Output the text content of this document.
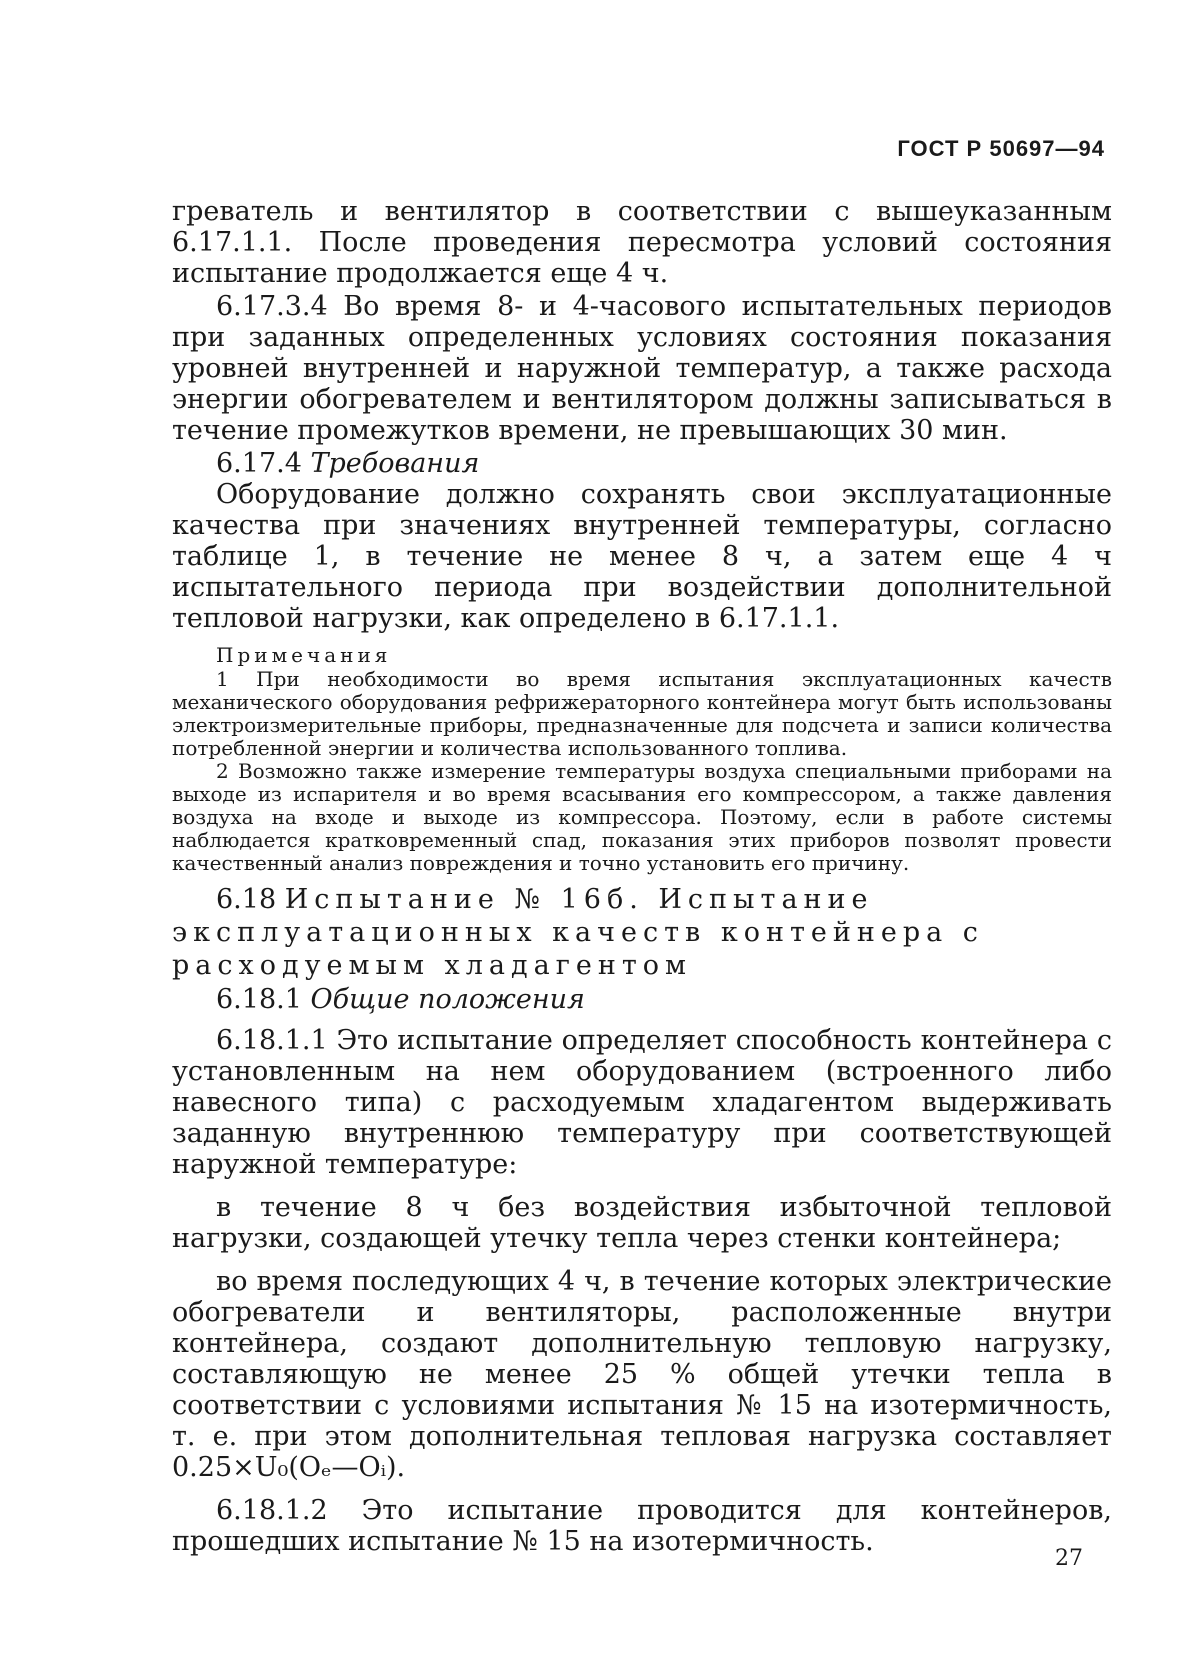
ГОСТ Р 50697—94

греватель и вентилятор в соответствии с вышеуказанным 6.17.1.1. После проведения пересмотра условий состояния испытание продолжается еще 4 ч.

6.17.3.4 Во время 8- и 4-часового испытательных периодов при заданных определенных условиях состояния показания уровней внутренней и наружной температур, а также расхода энергии обогревателем и вентилятором должны записываться в течение промежутков времени, не превышающих 30 мин.

6.17.4 Требования

Оборудование должно сохранять свои эксплуатационные качества при значениях внутренней температуры, согласно таблице 1, в течение не менее 8 ч, а затем еще 4 ч испытательного периода при воздействии дополнительной тепловой нагрузки, как определено в 6.17.1.1.

Примечания

1 При необходимости во время испытания эксплуатационных качеств механического оборудования рефрижераторного контейнера могут быть использованы электроизмерительные приборы, предназначенные для подсчета и записи количества потребленной энергии и количества использованного топлива.

2 Возможно также измерение температуры воздуха специальными приборами на выходе из испарителя и во время всасывания его компрессором, а также давления воздуха на входе и выходе из компрессора. Поэтому, если в работе системы наблюдается кратковременный спад, показания этих приборов позволят провести качественный анализ повреждения и точно установить его причину.

6.18 Испытание № 16б. Испытание эксплуатационных качеств контейнера с расходуемым хладагентом

6.18.1 Общие положения

6.18.1.1 Это испытание определяет способность контейнера с установленным на нем оборудованием (встроенного либо навесного типа) с расходуемым хладагентом выдерживать заданную внутреннюю температуру при соответствующей наружной температуре:

в течение 8 ч без воздействия избыточной тепловой нагрузки, создающей утечку тепла через стенки контейнера;

во время последующих 4 ч, в течение которых электрические обогреватели и вентиляторы, расположенные внутри контейнера, создают дополнительную тепловую нагрузку, составляющую не менее 25 % общей утечки тепла в соответствии с условиями испытания № 15 на изотермичность, т. е. при этом дополнительная тепловая нагрузка составляет 0.25×U₀(Oₑ—Oᵢ).

6.18.1.2 Это испытание проводится для контейнеров, прошедших испытание № 15 на изотермичность.

27
